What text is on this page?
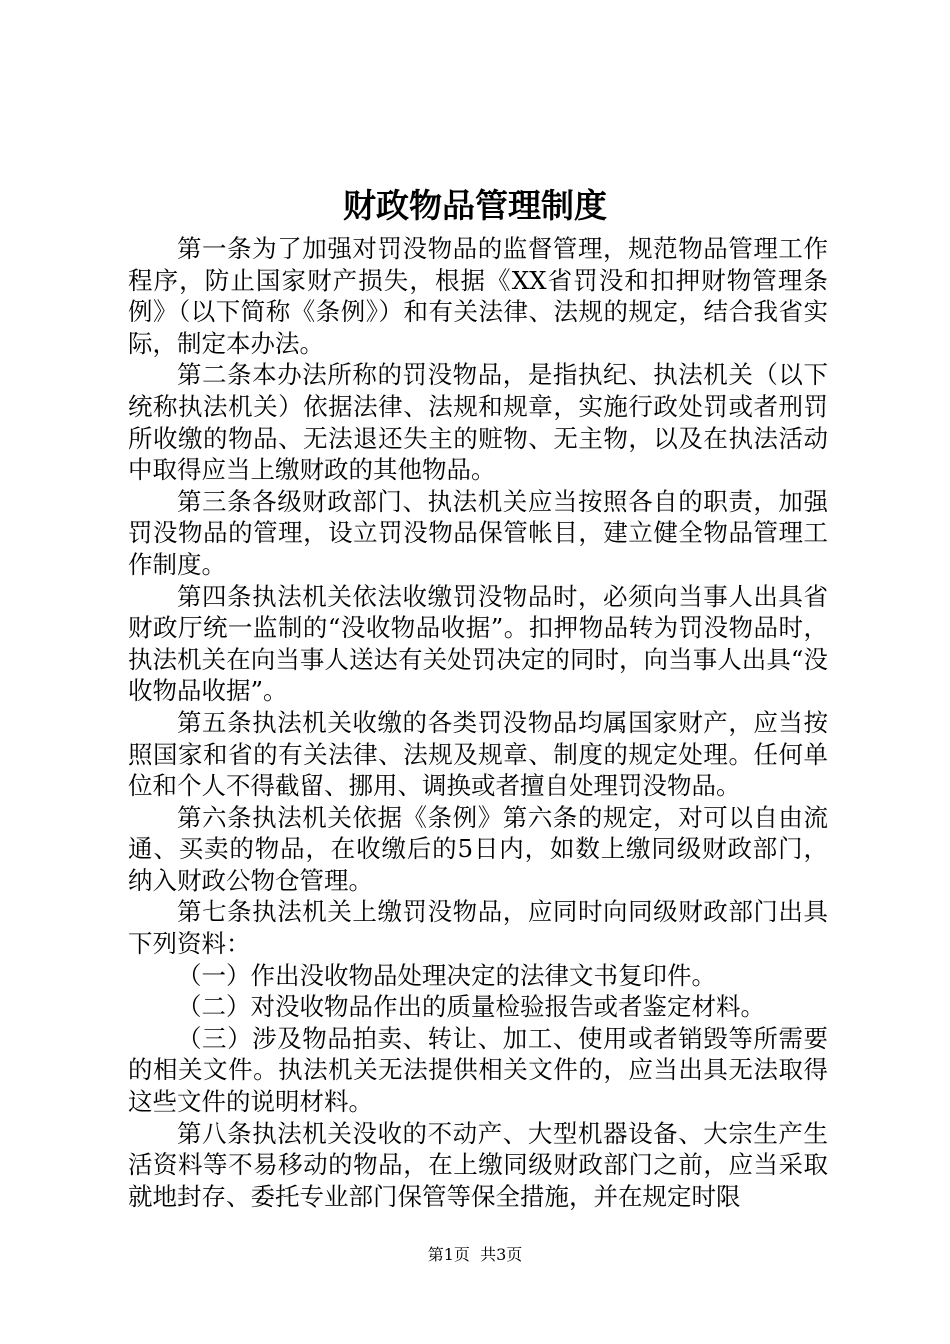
财政物品管理制度

第一条为了加强对罚没物品的监督管理，规范物品管理工作程序，防止国家财产损失，根据《XX省罚没和扣押财物管理条例》（以下简称《条例》）和有关法律、法规的规定，结合我省实际，制定本办法。

第二条本办法所称的罚没物品，是指执纪、执法机关（以下统称执法机关）依据法律、法规和规章，实施行政处罚或者刑罚所收缴的物品、无法退还失主的赃物、无主物，以及在执法活动中取得应当上缴财政的其他物品。

第三条各级财政部门、执法机关应当按照各自的职责，加强罚没物品的管理，设立罚没物品保管帐目，建立健全物品管理工作制度。

第四条执法机关依法收缴罚没物品时，必须向当事人出具省财政厅统一监制的“没收物品收据”。扣押物品转为罚没物品时，执法机关在向当事人送达有关处罚决定的同时，向当事人出具“没收物品收据”。

第五条执法机关收缴的各类罚没物品均属国家财产，应当按照国家和省的有关法律、法规及规章、制度的规定处理。任何单位和个人不得截留、挪用、调换或者擅自处理罚没物品。

第六条执法机关依据《条例》第六条的规定，对可以自由流通、买卖的物品，在收缴后的5日内，如数上缴同级财政部门，纳入财政公物仓管理。

第七条执法机关上缴罚没物品，应同时向同级财政部门出具下列资料：

（一）作出没收物品处理决定的法律文书复印件。

（二）对没收物品作出的质量检验报告或者鉴定材料。

（三）涉及物品拍卖、转让、加工、使用或者销毁等所需要的相关文件。执法机关无法提供相关文件的，应当出具无法取得这些文件的说明材料。

第八条执法机关没收的不动产、大型机器设备、大宗生产生活资料等不易移动的物品，在上缴同级财政部门之前，应当采取就地封存、委托专业部门保管等保全措施，并在规定时限

第1页 共3页
